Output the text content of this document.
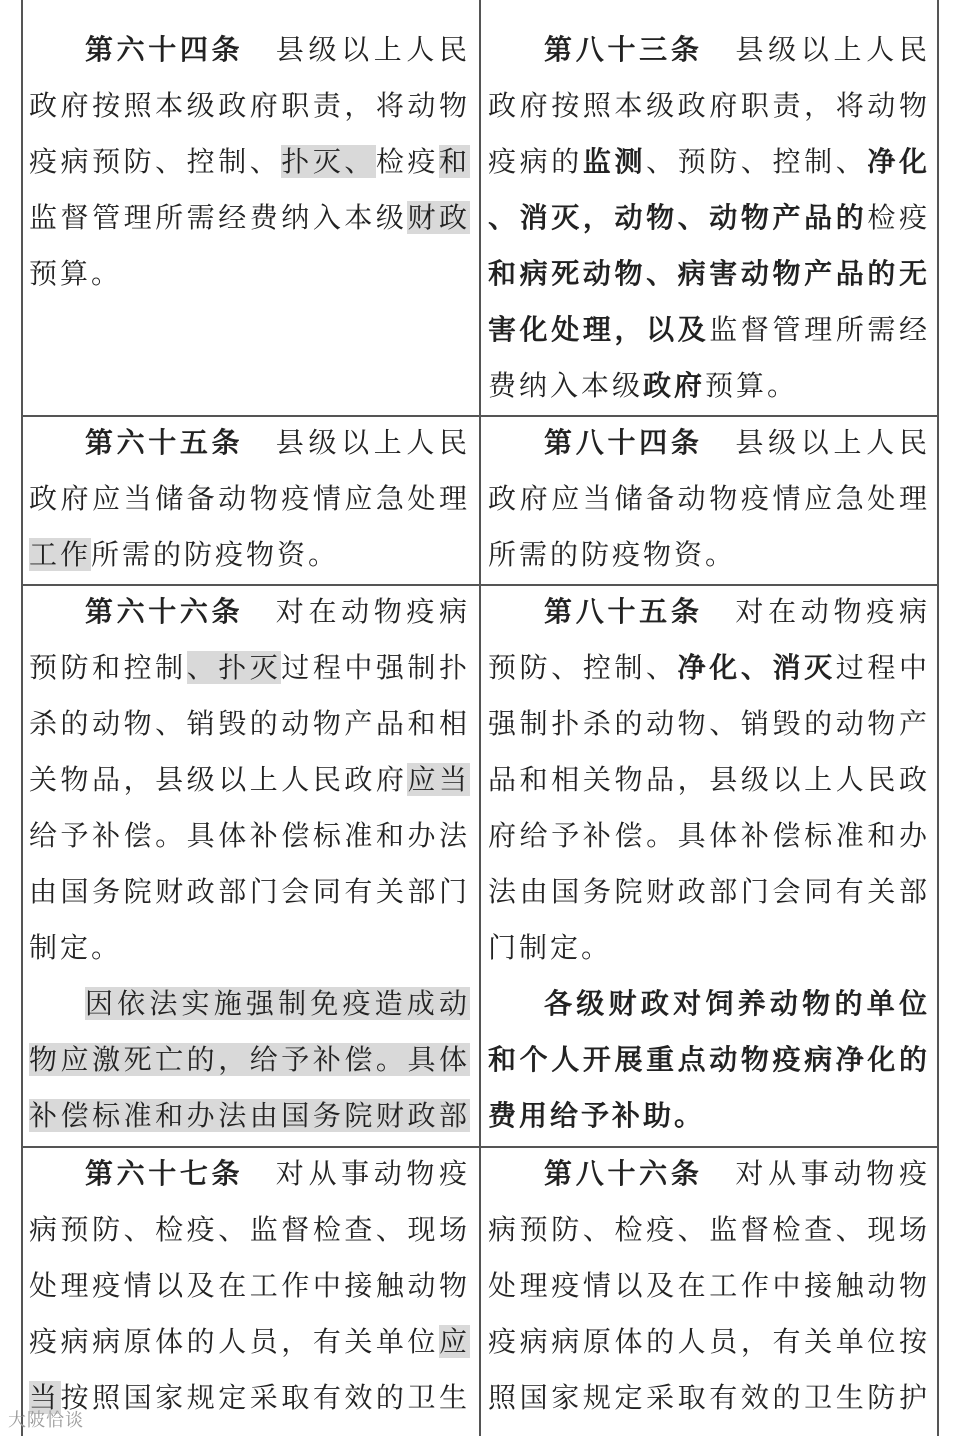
第六十四条　县级以上人民政府按照本级政府职责，将动物疫病预防、控制、扑灭、检疫和监督管理所需经费纳入本级财政预算。

第八十三条　县级以上人民政府按照本级政府职责，将动物疫病的监测、预防、控制、净化、消灭，动物、动物产品的检疫和病死动物、病害动物产品的无害化处理，以及监督管理所需经费纳入本级政府预算。

第六十五条　县级以上人民政府应当储备动物疫情应急处理工作所需的防疫物资。

第八十四条　县级以上人民政府应当储备动物疫情应急处理所需的防疫物资。

第六十六条　对在动物疫病预防和控制、扑灭过程中强制扑杀的动物、销毁的动物产品和相关物品，县级以上人民政府应当给予补偿。具体补偿标准和办法由国务院财政部门会同有关部门制定。

因依法实施强制免疫造成动物应激死亡的，给予补偿。具体补偿标准和办法由国务院财政部

第八十五条　对在动物疫病预防、控制、净化、消灭过程中强制扑杀的动物、销毁的动物产品和相关物品，县级以上人民政府给予补偿。具体补偿标准和办法由国务院财政部门会同有关部门制定。

各级财政对饲养动物的单位和个人开展重点动物疫病净化的费用给予补助。

第六十七条　对从事动物疫病预防、检疫、监督检查、现场处理疫情以及在工作中接触动物疫病病原体的人员，有关单位应当按照国家规定采取有效的卫生

第八十六条　对从事动物疫病预防、检疫、监督检查、现场处理疫情以及在工作中接触动物疫病病原体的人员，有关单位按照国家规定采取有效的卫生防护

大陂恰谈
